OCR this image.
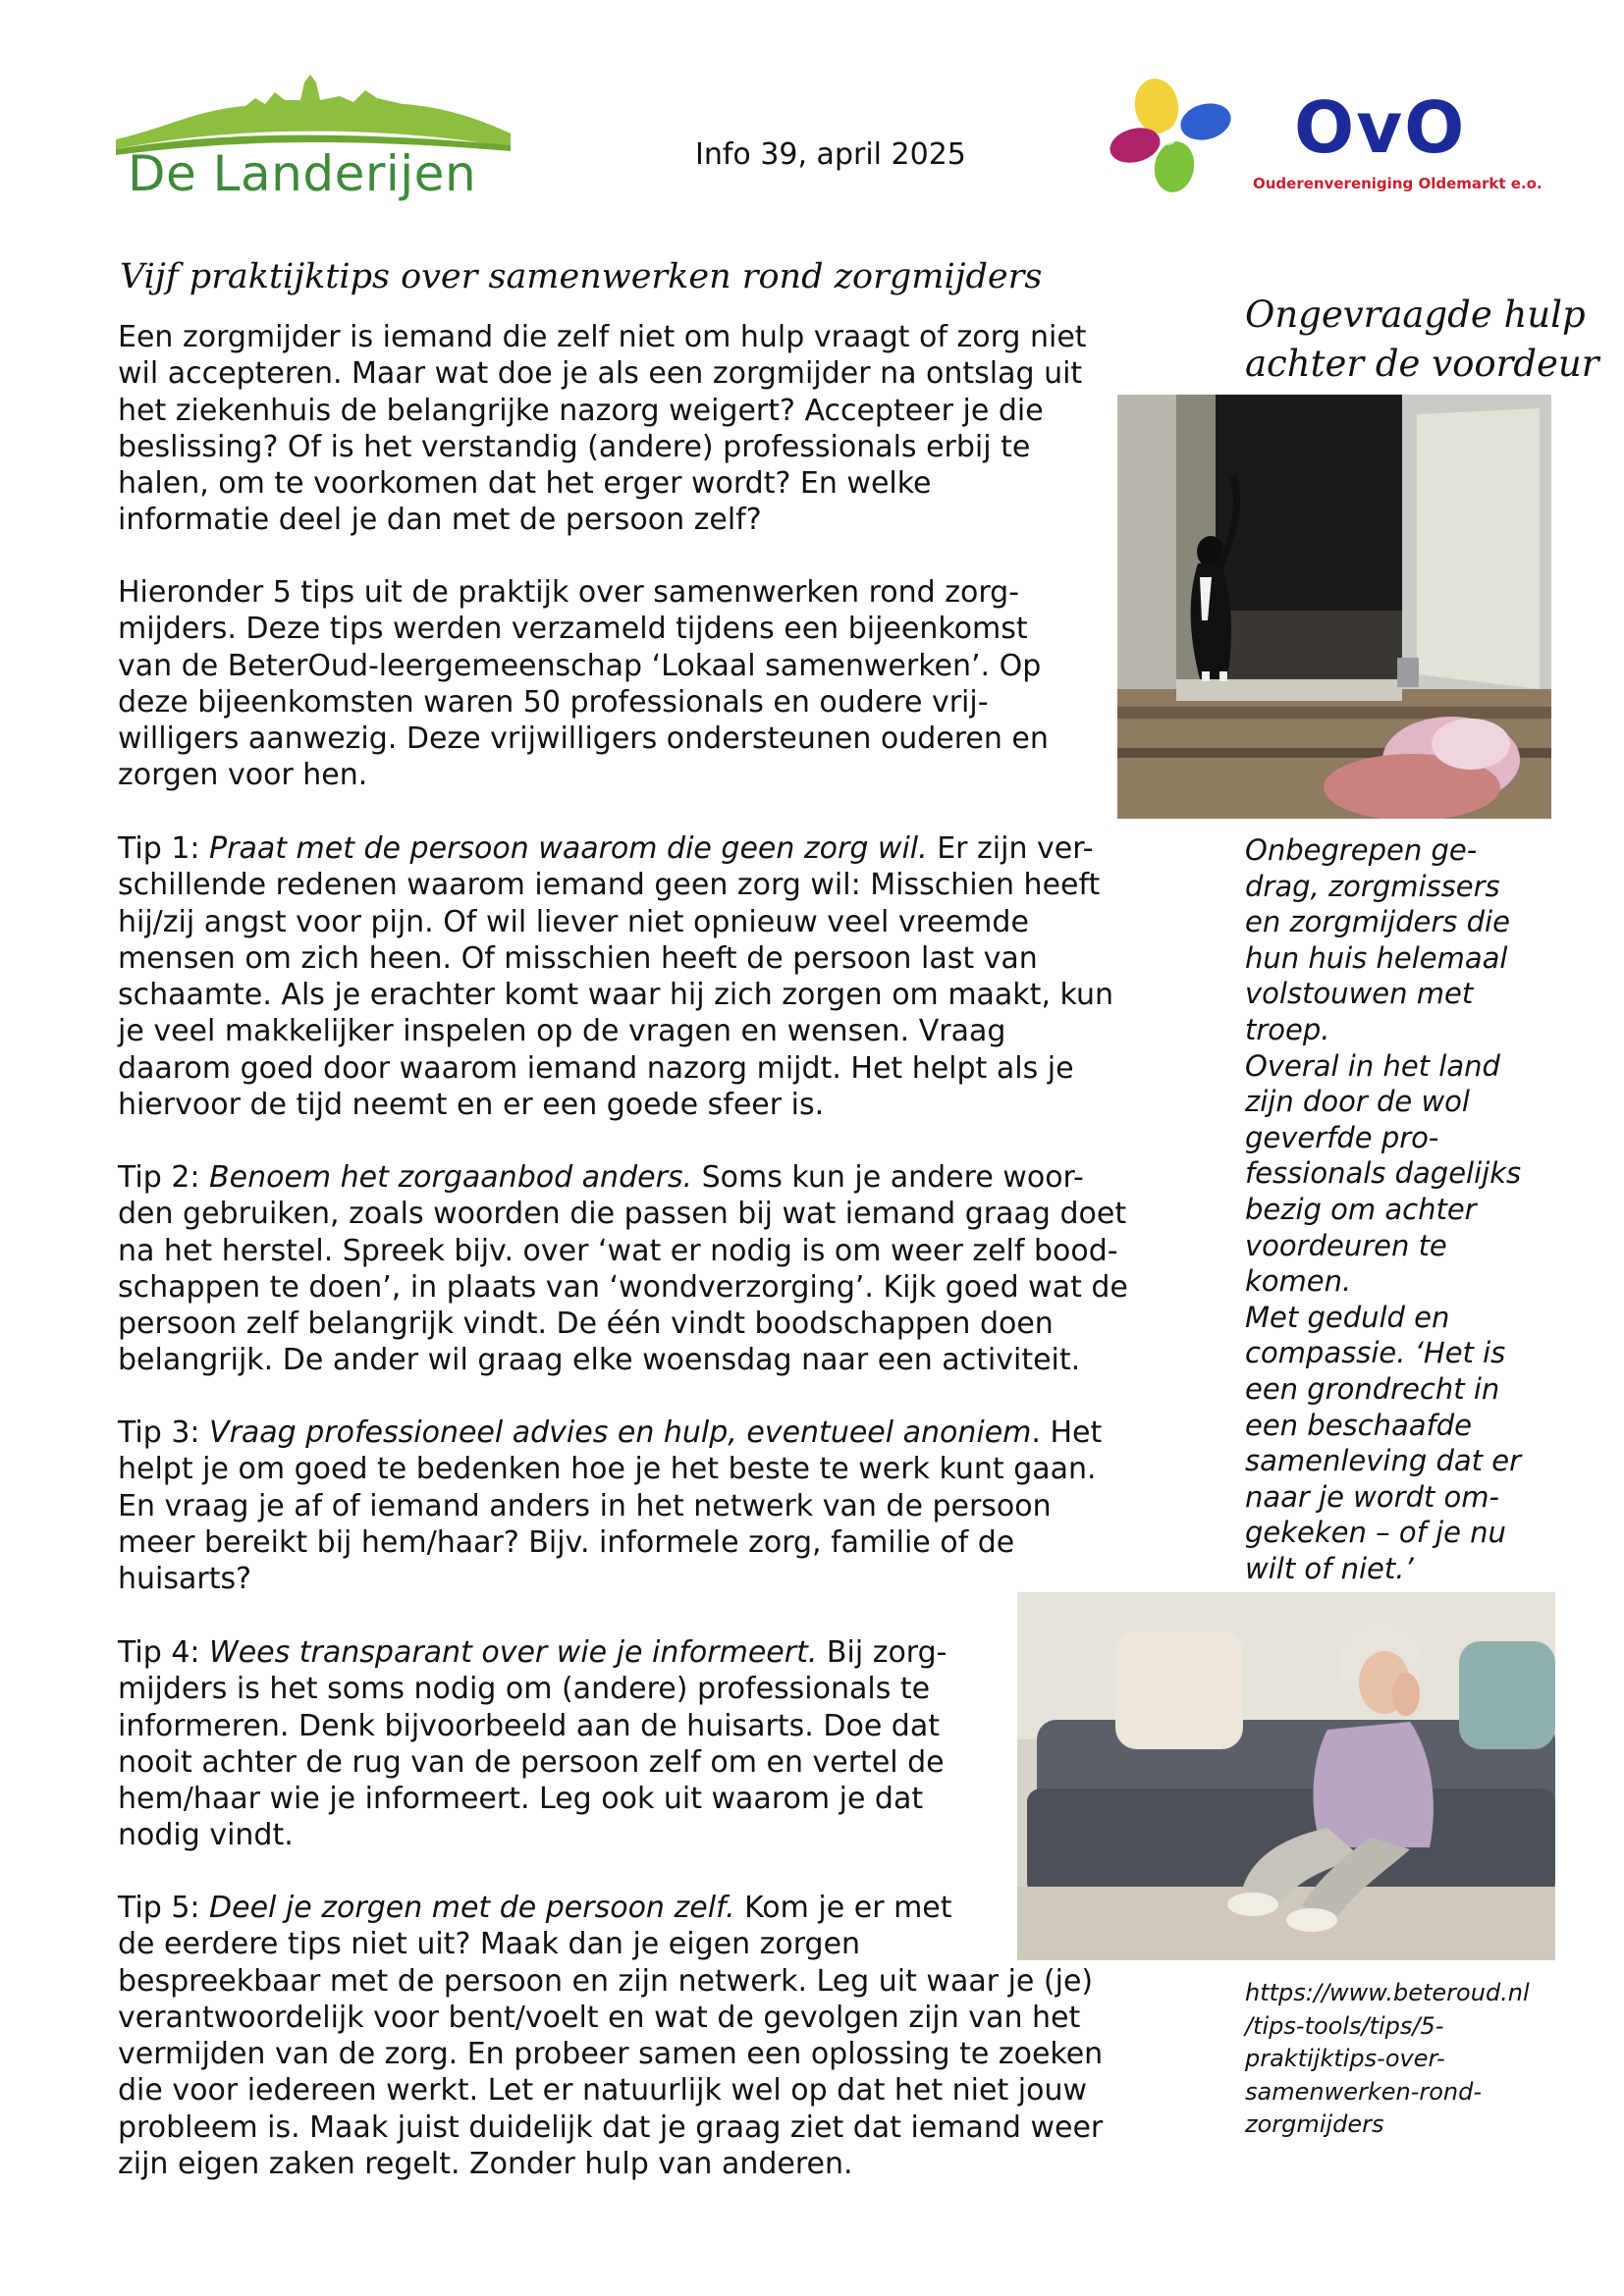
De Landerijen	Info 39, april 2025	OvO
Ouderenvereniging Oldemarkt e.o.
Vijf praktijktips over samenwerken rond zorgmijders
Een zorgmijder is iemand die zelf niet om hulp vraagt of zorg niet
wil accepteren. Maar wat doe je als een zorgmijder na ontslag uit
het ziekenhuis de belangrijke nazorg weigert? Accepteer je die
beslissing? Of is het verstandig (andere) professionals erbij te
halen, om te voorkomen dat het erger wordt? En welke
informatie deel je dan met de persoon zelf?
Hieronder 5 tips uit de praktijk over samenwerken rond zorg-
mijders. Deze tips werden verzameld tijdens een bijeenkomst
van de BeterOud-leergemeenschap ‘Lokaal samenwerken’. Op
deze bijeenkomsten waren 50 professionals en oudere vrij-
willigers aanwezig. Deze vrijwilligers ondersteunen ouderen en
zorgen voor hen.
Tip 1: Praat met de persoon waarom die geen zorg wil. Er zijn ver-
schillende redenen waarom iemand geen zorg wil: Misschien heeft
hij/zij angst voor pijn. Of wil liever niet opnieuw veel vreemde
mensen om zich heen. Of misschien heeft de persoon last van
schaamte. Als je erachter komt waar hij zich zorgen om maakt, kun
je veel makkelijker inspelen op de vragen en wensen. Vraag
daarom goed door waarom iemand nazorg mijdt. Het helpt als je
hiervoor de tijd neemt en er een goede sfeer is.
Tip 2: Benoem het zorgaanbod anders. Soms kun je andere woor-
den gebruiken, zoals woorden die passen bij wat iemand graag doet
na het herstel. Spreek bijv. over ‘wat er nodig is om weer zelf bood-
schappen te doen’, in plaats van ‘wondverzorging’. Kijk goed wat de
persoon zelf belangrijk vindt. De één vindt boodschappen doen
belangrijk. De ander wil graag elke woensdag naar een activiteit.
Tip 3: Vraag professioneel advies en hulp, eventueel anoniem. Het
helpt je om goed te bedenken hoe je het beste te werk kunt gaan.
En vraag je af of iemand anders in het netwerk van de persoon
meer bereikt bij hem/haar? Bijv. informele zorg, familie of de
huisarts?
Tip 4: Wees transparant over wie je informeert. Bij zorg-
mijders is het soms nodig om (andere) professionals te
informeren. Denk bijvoorbeeld aan de huisarts. Doe dat
nooit achter de rug van de persoon zelf om en vertel de
hem/haar wie je informeert. Leg ook uit waarom je dat
nodig vindt.
Tip 5: Deel je zorgen met de persoon zelf. Kom je er met
de eerdere tips niet uit? Maak dan je eigen zorgen
bespreekbaar met de persoon en zijn netwerk. Leg uit waar je (je)
verantwoordelijk voor bent/voelt en wat de gevolgen zijn van het
vermijden van de zorg. En probeer samen een oplossing te zoeken
die voor iedereen werkt. Let er natuurlijk wel op dat het niet jouw
probleem is. Maak juist duidelijk dat je graag ziet dat iemand weer
zijn eigen zaken regelt. Zonder hulp van anderen.
Ongevraagde hulp
achter de voordeur
Onbegrepen ge-
drag, zorgmissers
en zorgmijders die
hun huis helemaal
volstouwen met
troep.
Overal in het land
zijn door de wol
geverfde pro-
fessionals dagelijks
bezig om achter
voordeuren te
komen.
Met geduld en
compassie. ‘Het is
een grondrecht in
een beschaafde
samenleving dat er
naar je wordt om-
gekeken – of je nu
wilt of niet.’
https://www.beteroud.nl
/tips-tools/tips/5-
praktijktips-over-
samenwerken-rond-
zorgmijders
